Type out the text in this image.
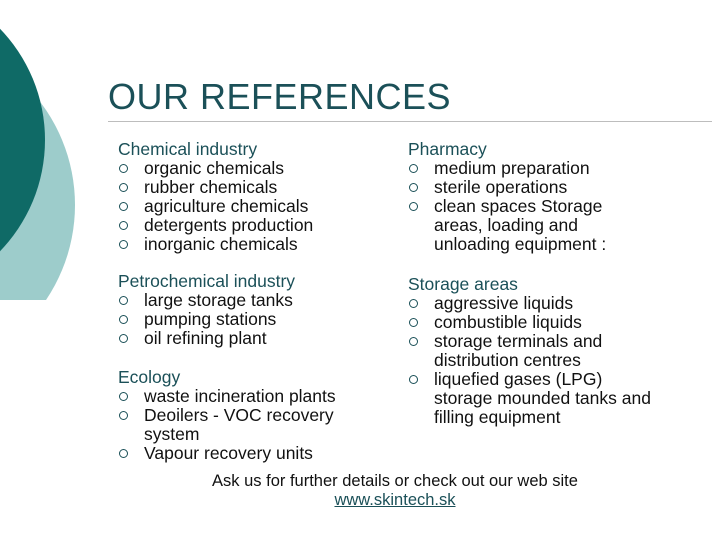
OUR REFERENCES
Chemical industry
organic chemicals
rubber chemicals
agriculture chemicals
detergents production
inorganic chemicals
Petrochemical industry
large storage tanks
pumping stations
oil refining plant
Ecology
waste incineration plants
Deoilers - VOC recovery system
Vapour recovery units
Pharmacy
medium preparation
sterile operations
clean spaces Storage areas, loading and unloading equipment :
Storage areas
aggressive liquids
combustible liquids
storage terminals and distribution centres
liquefied gases (LPG) storage mounded tanks and filling equipment
Ask us for further details or check out our web site
www.skintech.sk
